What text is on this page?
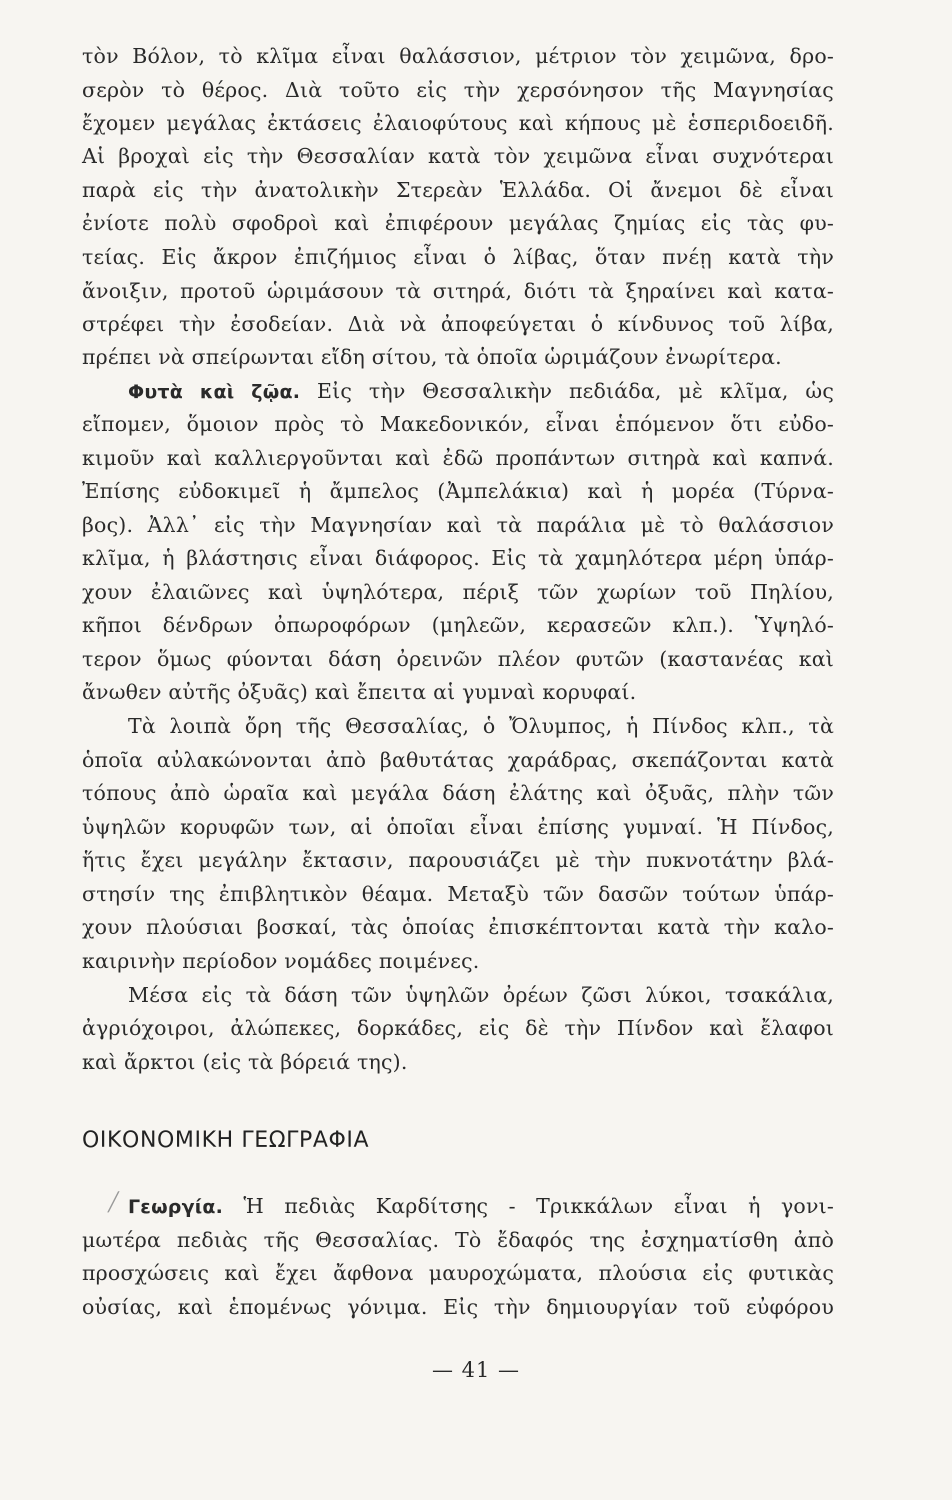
τὸν Βόλον, τὸ κλῖμα εἶναι θαλάσσιον, μέτριον τὸν χειμῶνα, δρο-
σερὸν τὸ θέρος. Διὰ τοῦτο εἰς τὴν χερσόνησον τῆς Μαγνησίας
ἔχομεν μεγάλας ἐκτάσεις ἐλαιοφύτους καὶ κήπους μὲ ἑσπεριδοειδῆ.
Αἱ βροχαὶ εἰς τὴν Θεσσαλίαν κατὰ τὸν χειμῶνα εἶναι συχνότεραι
παρὰ εἰς τὴν ἀνατολικὴν Στερεὰν Ἑλλάδα. Οἱ ἄνεμοι δὲ εἶναι
ἐνίοτε πολὺ σφοδροὶ καὶ ἐπιφέρουν μεγάλας ζημίας εἰς τὰς φυ-
τείας. Εἰς ἄκρον ἐπιζήμιος εἶναι ὁ λίβας, ὅταν πνέῃ κατὰ τὴν
ἄνοιξιν, προτοῦ ὡριμάσουν τὰ σιτηρά, διότι τὰ ξηραίνει καὶ κατα-
στρέφει τὴν ἐσοδείαν. Διὰ νὰ ἀποφεύγεται ὁ κίνδυνος τοῦ λίβα,
πρέπει νὰ σπείρωνται εἴδη σίτου, τὰ ὁποῖα ὡριμάζουν ἐνωρίτερα.
Φυτὰ καὶ ζῷα. Εἰς τὴν Θεσσαλικὴν πεδιάδα, μὲ κλῖμα, ὡς
εἴπομεν, ὅμοιον πρὸς τὸ Μακεδονικόν, εἶναι ἑπόμενον ὅτι εὐδο-
κιμοῦν καὶ καλλιεργοῦνται καὶ ἐδῶ προπάντων σιτηρὰ καὶ καπνά.
Ἐπίσης εὐδοκιμεῖ ἡ ἄμπελος (Ἀμπελάκια) καὶ ἡ μορέα (Τύρνα-
βος). Ἀλλ᾿ εἰς τὴν Μαγνησίαν καὶ τὰ παράλια μὲ τὸ θαλάσσιον
κλῖμα, ἡ βλάστησις εἶναι διάφορος. Εἰς τὰ χαμηλότερα μέρη ὑπάρ-
χουν ἐλαιῶνες καὶ ὑψηλότερα, πέριξ τῶν χωρίων τοῦ Πηλίου,
κῆποι δένδρων ὀπωροφόρων (μηλεῶν, κερασεῶν κλπ.). Ὑψηλό-
τερον ὅμως φύονται δάση ὀρεινῶν πλέον φυτῶν (καστανέας καὶ
ἄνωθεν αὐτῆς ὀξυᾶς) καὶ ἔπειτα αἱ γυμναὶ κορυφαί.
Τὰ λοιπὰ ὄρη τῆς Θεσσαλίας, ὁ Ὄλυμπος, ἡ Πίνδος κλπ., τὰ
ὁποῖα αὐλακώνονται ἀπὸ βαθυτάτας χαράδρας, σκεπάζονται κατὰ
τόπους ἀπὸ ὡραῖα καὶ μεγάλα δάση ἐλάτης καὶ ὀξυᾶς, πλὴν τῶν
ὑψηλῶν κορυφῶν των, αἱ ὁποῖαι εἶναι ἐπίσης γυμναί. Ἡ Πίνδος,
ἥτις ἔχει μεγάλην ἔκτασιν, παρουσιάζει μὲ τὴν πυκνοτάτην βλά-
στησίν της ἐπιβλητικὸν θέαμα. Μεταξὺ τῶν δασῶν τούτων ὑπάρ-
χουν πλούσιαι βοσκαί, τὰς ὁποίας ἐπισκέπτονται κατὰ τὴν καλο-
καιρινὴν περίοδον νομάδες ποιμένες.
Μέσα εἰς τὰ δάση τῶν ὑψηλῶν ὀρέων ζῶσι λύκοι, τσακάλια,
ἀγριόχοιροι, ἀλώπεκες, δορκάδες, εἰς δὲ τὴν Πίνδον καὶ ἔλαφοι
καὶ ἄρκτοι (εἰς τὰ βόρειά της).
ΟΙΚΟΝΟΜΙΚΗ ΓΕΩΓΡΑΦΙΑ
╱ Γεωργία. Ἡ πεδιὰς Καρδίτσης - Τρικκάλων εἶναι ἡ γονι-
μωτέρα πεδιὰς τῆς Θεσσαλίας. Τὸ ἔδαφός της ἐσχηματίσθη ἀπὸ
προσχώσεις καὶ ἔχει ἄφθονα μαυροχώματα, πλούσια εἰς φυτικὰς
οὐσίας, καὶ ἑπομένως γόνιμα. Εἰς τὴν δημιουργίαν τοῦ εὐφόρου
— 41 —
